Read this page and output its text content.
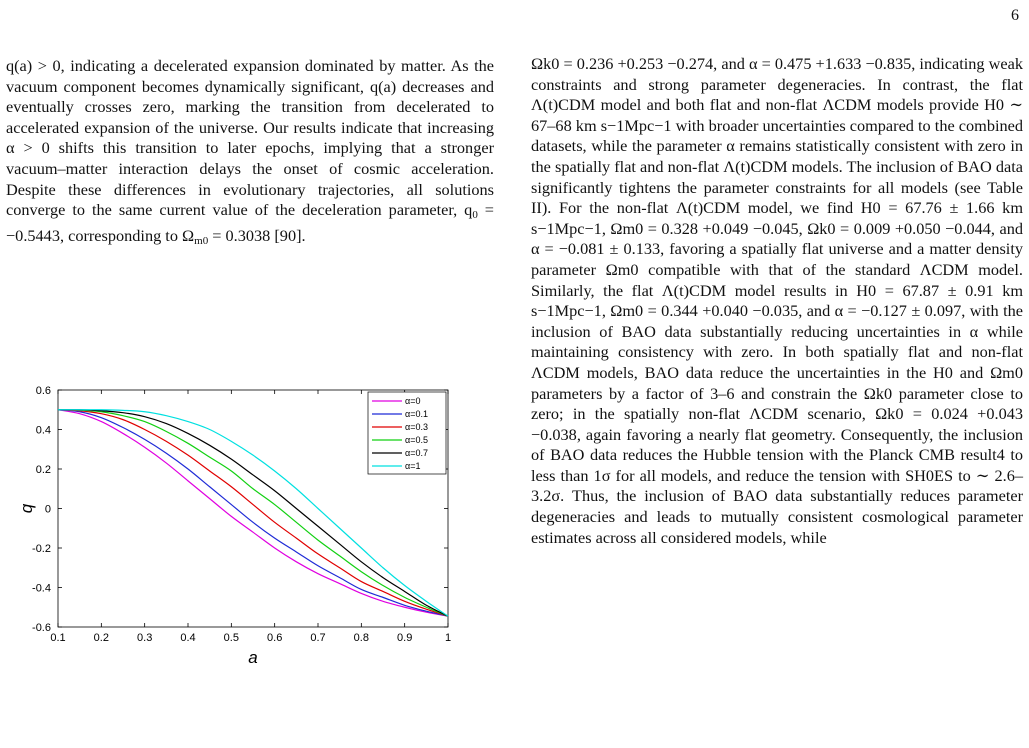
6

q(a) > 0, indicating a decelerated expansion dominated by matter. As the vacuum component becomes dynamically significant, q(a) decreases and eventually crosses zero, marking the transition from decelerated to accelerated expansion of the universe. Our results indicate that increasing α > 0 shifts this transition to later epochs, implying that a stronger vacuum–matter interaction delays the onset of cosmic acceleration. Despite these differences in evolutionary trajectories, all solutions converge to the same current value of the deceleration parameter, $q_0 = -0.5443$, corresponding to $\Omega_{m0} = 0.3038$ [90].

0.1	0.2	0.3	0.4	0.5	0.6	0.7	0.8	0.9	1
-0.6
-0.4
-0.2
0
0.2
0.4
0.6
a
q
α=0
α=0.1
α=0.3
α=0.5
α=0.7
α=1

Ωk0 = 0.236 +0.253 −0.274, and α = 0.475 +1.633 −0.835, indicating weak constraints and strong parameter degeneracies. In contrast, the flat Λ(t)CDM model and both flat and non-flat ΛCDM models provide H0 ∼ 67–68 km s−1Mpc−1 with broader uncertainties compared to the combined datasets, while the parameter α remains statistically consistent with zero in the spatially flat and non-flat Λ(t)CDM models. The inclusion of BAO data significantly tightens the parameter constraints for all models (see Table II). For the non-flat Λ(t)CDM model, we find H0 = 67.76 ± 1.66 km s−1Mpc−1, Ωm0 = 0.328 +0.049 −0.045, Ωk0 = 0.009 +0.050 −0.044, and α = −0.081 ± 0.133, favoring a spatially flat universe and a matter density parameter Ωm0 compatible with that of the standard ΛCDM model. Similarly, the flat Λ(t)CDM model results in H0 = 67.87 ± 0.91 km s−1Mpc−1, Ωm0 = 0.344 +0.040 −0.035, and α = −0.127 ± 0.097, with the inclusion of BAO data substantially reducing uncertainties in α while maintaining consistency with zero. In both spatially flat and non-flat ΛCDM models, BAO data reduce the uncertainties in the H0 and Ωm0 parameters by a factor of 3–6 and constrain the Ωk0 parameter close to zero; in the spatially non-flat ΛCDM scenario, Ωk0 = 0.024 +0.043 −0.038, again favoring a nearly flat geometry. Consequently, the inclusion of BAO data reduces the Hubble tension with the Planck CMB result4 to less than 1σ for all models, and reduce the tension with SH0ES to ∼ 2.6–3.2σ. Thus, the inclusion of BAO data substantially reduces parameter degeneracies and leads to mutually consistent cosmological parameter estimates across all considered models, while
